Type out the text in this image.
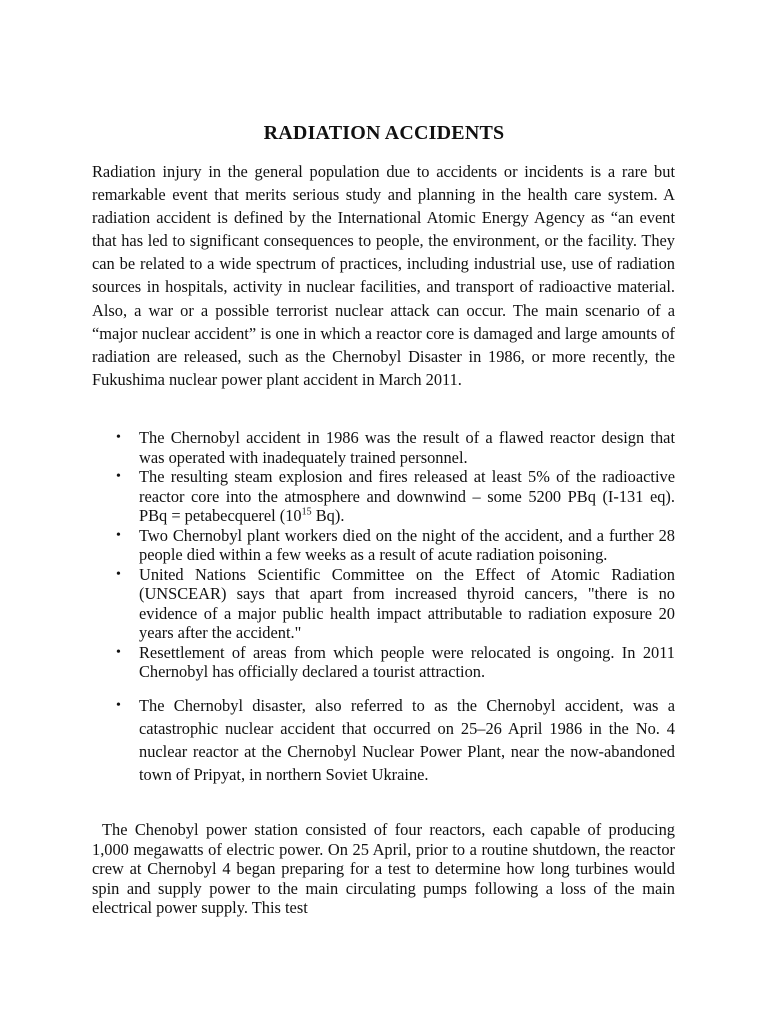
RADIATION ACCIDENTS

Radiation injury in the general population due to accidents or incidents is a rare but remarkable event that merits serious study and planning in the health care system. A radiation accident is defined by the International Atomic Energy Agency as “an event that has led to significant consequences to people, the environment, or the facility. They can be related to a wide spectrum of practices, including industrial use, use of radiation sources in hospitals, activity in nuclear facilities, and transport of radioactive material. Also, a war or a possible terrorist nuclear attack can occur. The main scenario of a “major nuclear accident” is one in which a reactor core is damaged and large amounts of radiation are released, such as the Chernobyl Disaster in 1986, or more recently, the Fukushima nuclear power plant accident in March 2011.

• The Chernobyl accident in 1986 was the result of a flawed reactor design that was operated with inadequately trained personnel.
• The resulting steam explosion and fires released at least 5% of the radioactive reactor core into the atmosphere and downwind – some 5200 PBq (I-131 eq). PBq = petabecquerel ($10^{15}$ Bq).
• Two Chernobyl plant workers died on the night of the accident, and a further 28 people died within a few weeks as a result of acute radiation poisoning.
• United Nations Scientific Committee on the Effect of Atomic Radiation (UNSCEAR) says that apart from increased thyroid cancers, "there is no evidence of a major public health impact attributable to radiation exposure 20 years after the accident."
• Resettlement of areas from which people were relocated is ongoing. In 2011 Chernobyl has officially declared a tourist attraction.
• The Chernobyl disaster, also referred to as the Chernobyl accident, was a catastrophic nuclear accident that occurred on 25–26 April 1986 in the No. 4 nuclear reactor at the Chernobyl Nuclear Power Plant, near the now-abandoned town of Pripyat, in northern Soviet Ukraine.

The Chenobyl power station consisted of four reactors, each capable of producing 1,000 megawatts of electric power. On 25 April, prior to a routine shutdown, the reactor crew at Chernobyl 4 began preparing for a test to determine how long turbines would spin and supply power to the main circulating pumps following a loss of the main electrical power supply. This test
